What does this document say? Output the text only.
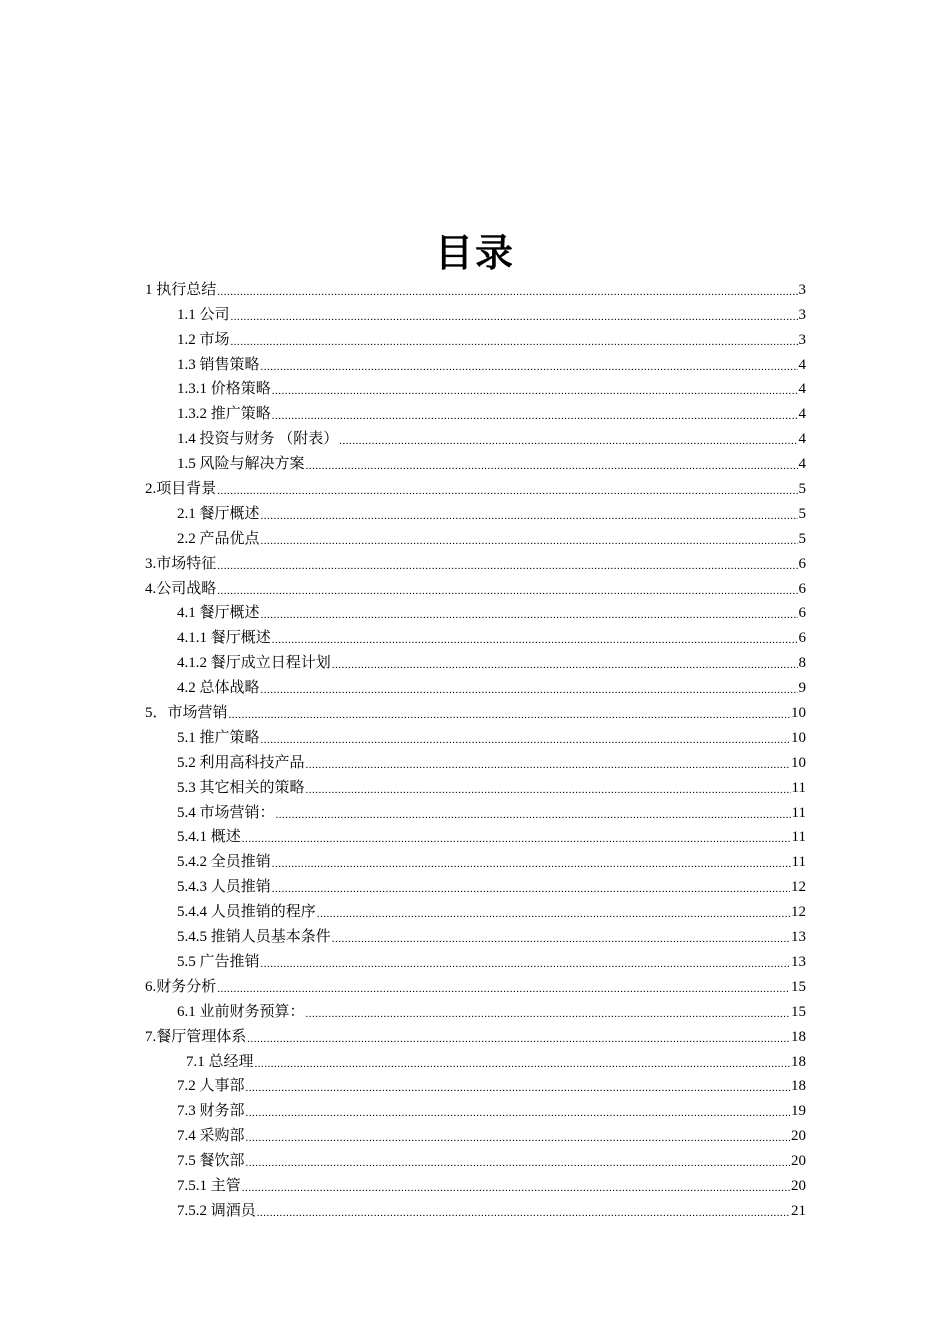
目录
1 执行总结 .....	3
1.1 公司 .....	3
1.2 市场 .....	3
1.3 销售策略 .....	4
1.3.1 价格策略 .....	4
1.3.2 推广策略 .....	4
1.4 投资与财务 （附表） .....	4
1.5 风险与解决方案 .....	4
2.项目背景 .....	5
2.1 餐厅概述 .....	5
2.2 产品优点 .....	5
3.市场特征 .....	6
4.公司战略 .....	6
4.1 餐厅概述 .....	6
4.1.1 餐厅概述 .....	6
4.1.2 餐厅成立日程计划 .....	8
4.2 总体战略 .....	9
5．市场营销 .....	10
5.1 推广策略 .....	10
5.2 利用高科技产品 .....	10
5.3 其它相关的策略 .....	11
5.4 市场营销： .....	11
5.4.1 概述 .....	11
5.4.2 全员推销 .....	11
5.4.3 人员推销 .....	12
5.4.4 人员推销的程序 .....	12
5.4.5 推销人员基本条件 .....	13
5.5 广告推销 .....	13
6.财务分析 .....	15
6.1 业前财务预算： .....	15
7.餐厅管理体系 .....	18
7.1 总经理 .....	18
7.2 人事部 .....	18
7.3 财务部 .....	19
7.4 采购部 .....	20
7.5 餐饮部 .....	20
7.5.1 主管 .....	20
7.5.2 调酒员 .....	21
